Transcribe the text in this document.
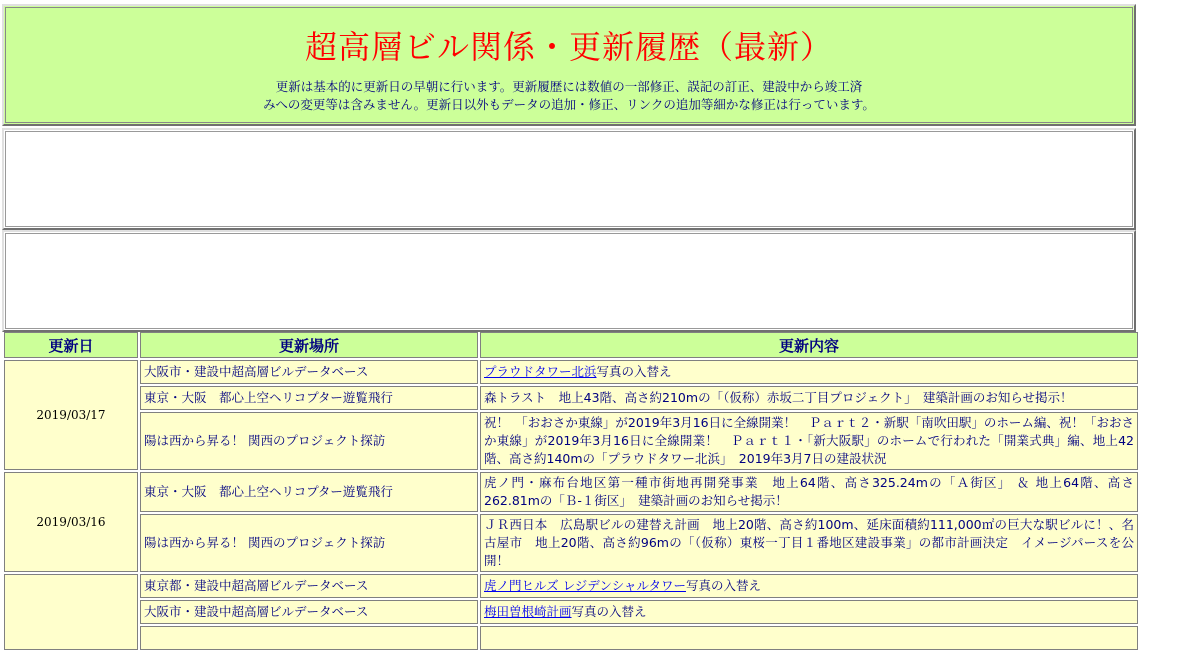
超高層ビル関係・更新履歴（最新）

更新は基本的に更新日の早朝に行います。更新履歴には数値の一部修正、誤記の訂正、建設中から竣工済
みへの変更等は含みません。更新日以外もデータの追加・修正、リンクの追加等細かな修正は行っています。

更新日	更新場所	更新内容
2019/03/17	大阪市・建設中超高層ビルデータベース	プラウドタワー北浜写真の入替え
	東京・大阪　都心上空ヘリコプター遊覧飛行	森トラスト　地上43階、高さ約210mの「（仮称）赤坂二丁目プロジェクト」　建築計画のお知らせ掲示！
	陽は西から昇る！ 関西のプロジェクト探訪	祝！　「おおさか東線」が2019年3月16日に全線開業！　Ｐａｒｔ２・新駅「南吹田駅」のホーム編、祝！「おおさか東線」が2019年3月16日に全線開業！　Ｐａｒｔ１・「新大阪駅」のホームで行われた「開業式典」編、地上42階、高さ約140mの「プラウドタワー北浜」　2019年3月7日の建設状況
2019/03/16	東京・大阪　都心上空ヘリコプター遊覧飛行	虎ノ門・麻布台地区第一種市街地再開発事業　地上64階、高さ325.24mの「Ａ街区」 ＆ 地上64階、高さ262.81mの「Ｂ-１街区」　建築計画のお知らせ掲示！
	陽は西から昇る！ 関西のプロジェクト探訪	ＪＲ西日本　広島駅ビルの建替え計画　地上20階、高さ約100m、延床面積約111,000㎡の巨大な駅ビルに！、名古屋市　地上20階、高さ約96mの「（仮称）東桜一丁目１番地区建設事業」の都市計画決定　イメージパースを公開！
	東京都・建設中超高層ビルデータベース	虎ノ門ヒルズ レジデンシャルタワー写真の入替え
	大阪市・建設中超高層ビルデータベース	梅田曽根崎計画写真の入替え
